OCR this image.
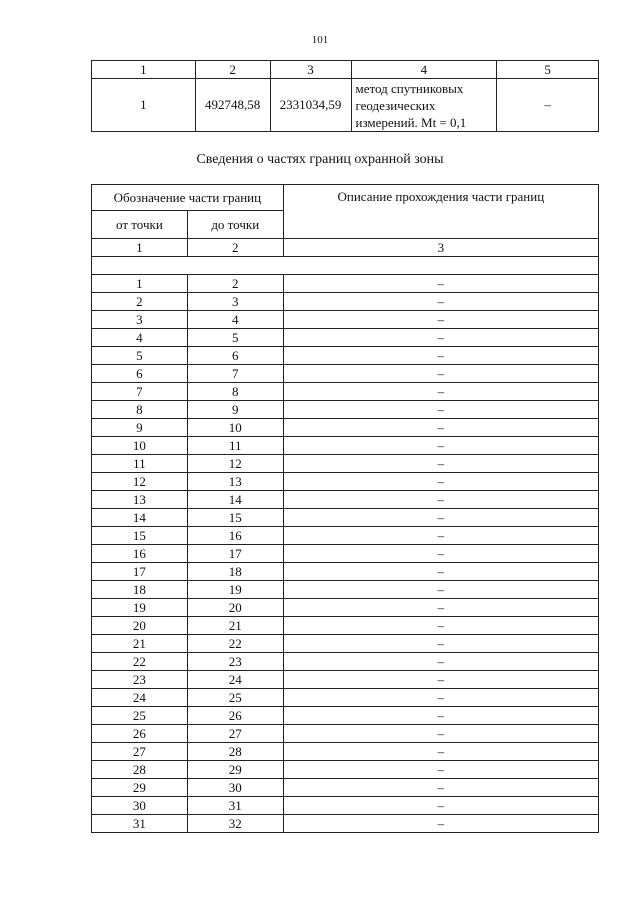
101
1	2	3	4	5
1	492748,58	2331034,59	метод спутниковых
геодезических
измерений. Mt = 0,1	–
Сведения о частях границ охранной зоны
Обозначение части границ		Описание прохождения части границ
от точки	до точки	
1	2	3

1	2	–
2	3	–
3	4	–
4	5	–
5	6	–
6	7	–
7	8	–
8	9	–
9	10	–
10	11	–
11	12	–
12	13	–
13	14	–
14	15	–
15	16	–
16	17	–
17	18	–
18	19	–
19	20	–
20	21	–
21	22	–
22	23	–
23	24	–
24	25	–
25	26	–
26	27	–
27	28	–
28	29	–
29	30	–
30	31	–
31	32	–
